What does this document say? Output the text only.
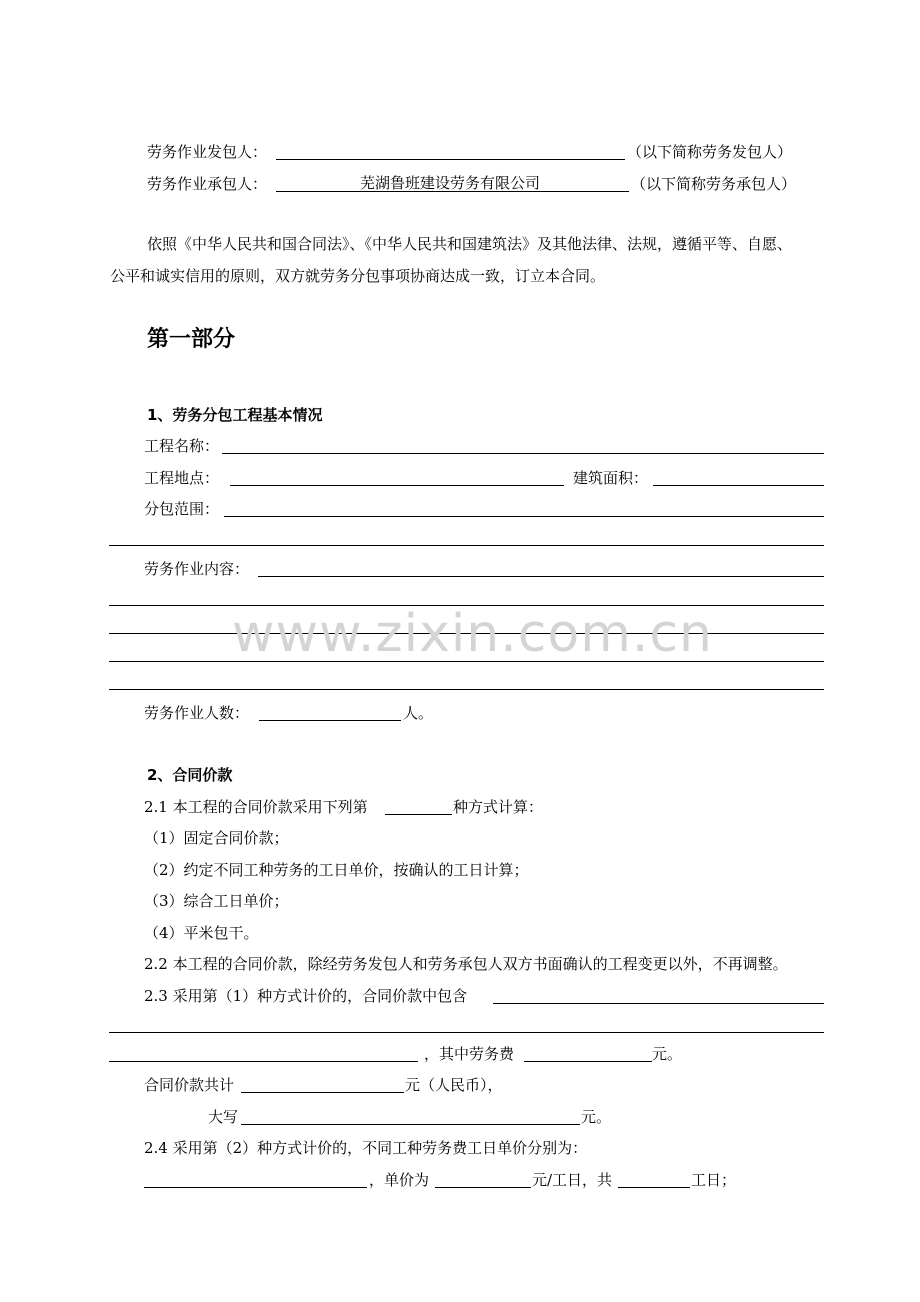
劳务作业发包人：	（以下简称劳务发包人）
劳务作业承包人：	芜湖鲁班建设劳务有限公司	（以下简称劳务承包人）
依照《中华人民共和国合同法》、《中华人民共和国建筑法》及其他法律、法规，遵循平等、自愿、
公平和诚实信用的原则，双方就劳务分包事项协商达成一致，订立本合同。
第一部分
1、劳务分包工程基本情况
工程名称：
工程地点：	建筑面积：
分包范围：
劳务作业内容：
劳务作业人数：	人。
2、合同价款
2.1 本工程的合同价款采用下列第	种方式计算：
（1）固定合同价款；
（2）约定不同工种劳务的工日单价，按确认的工日计算；
（3）综合工日单价；
（4）平米包干。
2.2 本工程的合同价款，除经劳务发包人和劳务承包人双方书面确认的工程变更以外，不再调整。
2.3 采用第（1）种方式计价的，合同价款中包含
，其中劳务费	元。
合同价款共计	元（人民币），
大写	元。
2.4 采用第（2）种方式计价的，不同工种劳务费工日单价分别为：
，单价为	元/工日，共	工日；
www.zixin.com.cn
